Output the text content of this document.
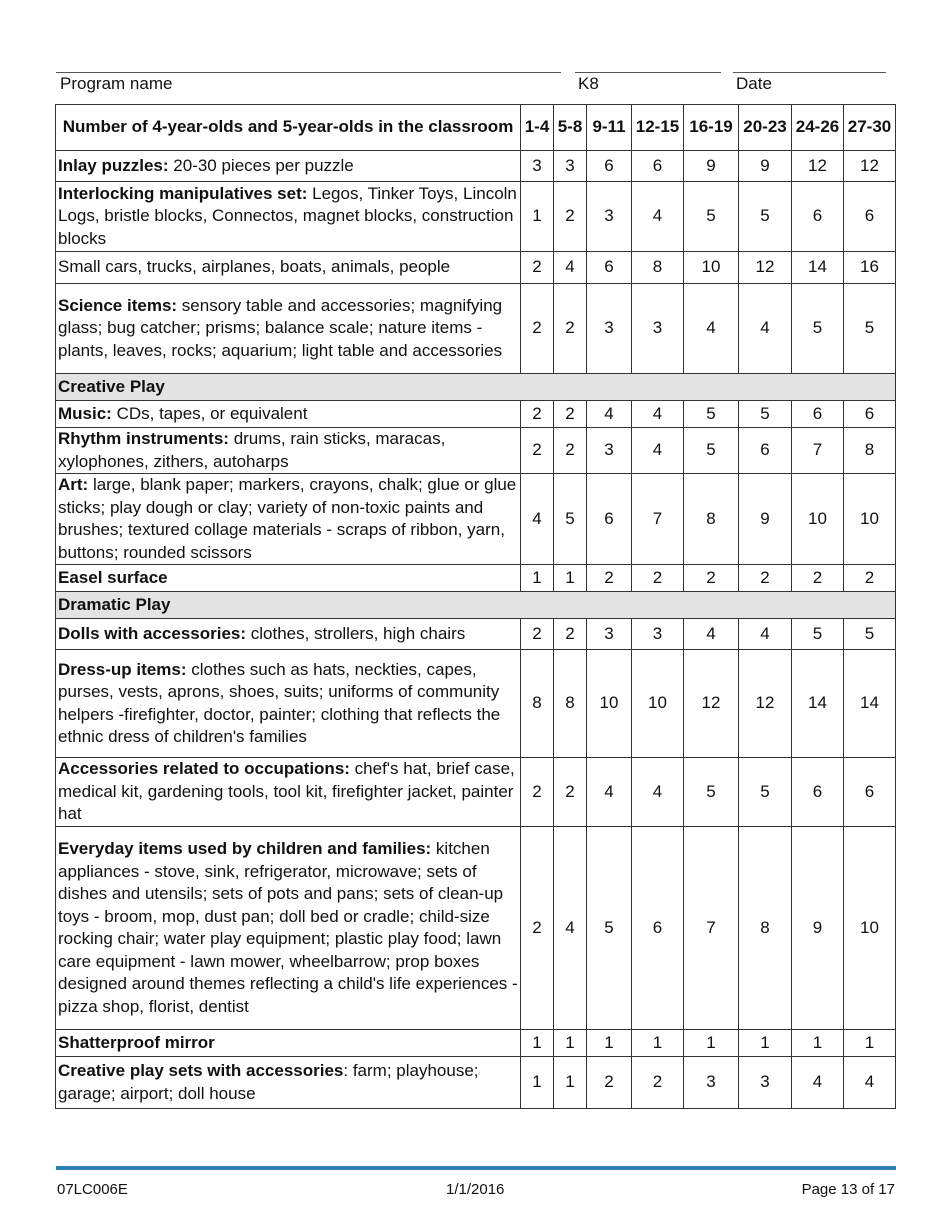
Program name	K8	Date
Number of 4-year-olds and 5-year-olds in the classroom	1-4	5-8	9-11	12-15	16-19	20-23	24-26	27-30
Inlay puzzles: 20-30 pieces per puzzle	3	3	6	6	9	9	12	12
Interlocking manipulatives set: Legos, Tinker Toys, Lincoln Logs, bristle blocks, Connectos, magnet blocks, construction blocks	1	2	3	4	5	5	6	6
Small cars, trucks, airplanes, boats, animals, people	2	4	6	8	10	12	14	16
Science items: sensory table and accessories; magnifying glass; bug catcher; prisms; balance scale; nature items - plants, leaves, rocks; aquarium; light table and accessories	2	2	3	3	4	4	5	5
Creative Play								
Music: CDs, tapes, or equivalent	2	2	4	4	5	5	6	6
Rhythm instruments: drums, rain sticks, maracas, xylophones, zithers, autoharps	2	2	3	4	5	6	7	8
Art: large, blank paper; markers, crayons, chalk; glue or glue sticks; play dough or clay; variety of non-toxic paints and brushes; textured collage materials - scraps of ribbon, yarn, buttons; rounded scissors	4	5	6	7	8	9	10	10
Easel surface	1	1	2	2	2	2	2	2
Dramatic Play								
Dolls with accessories: clothes, strollers, high chairs	2	2	3	3	4	4	5	5
Dress-up items: clothes such as hats, neckties, capes, purses, vests, aprons, shoes, suits; uniforms of community helpers -firefighter, doctor, painter; clothing that reflects the ethnic dress of children's families	8	8	10	10	12	12	14	14
Accessories related to occupations: chef's hat, brief case, medical kit, gardening tools, tool kit, firefighter jacket, painter hat	2	2	4	4	5	5	6	6
Everyday items used by children and families: kitchen appliances - stove, sink, refrigerator, microwave; sets of dishes and utensils; sets of pots and pans; sets of clean-up toys - broom, mop, dust pan; doll bed or cradle; child-size rocking chair; water play equipment; plastic play food; lawn care equipment - lawn mower, wheelbarrow; prop boxes designed around themes reflecting a child's life experiences - pizza shop, florist, dentist	2	4	5	6	7	8	9	10
Shatterproof mirror	1	1	1	1	1	1	1	1
Creative play sets with accessories: farm; playhouse; garage; airport; doll house	1	1	2	2	3	3	4	4
07LC006E	1/1/2016	Page 13 of 17
